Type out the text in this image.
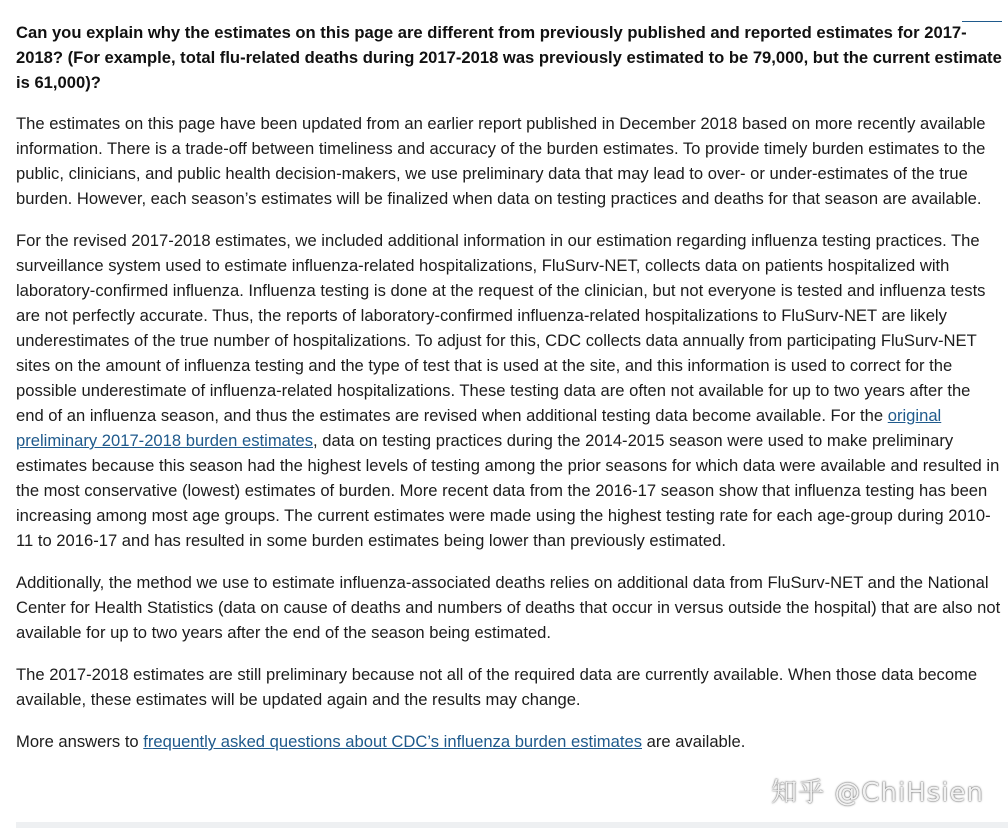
Can you explain why the estimates on this page are different from previously published and reported estimates for 2017-2018? (For example, total flu-related deaths during 2017-2018 was previously estimated to be 79,000, but the current estimate is 61,000)?

The estimates on this page have been updated from an earlier report published in December 2018 based on more recently available information. There is a trade-off between timeliness and accuracy of the burden estimates. To provide timely burden estimates to the public, clinicians, and public health decision-makers, we use preliminary data that may lead to over- or under-estimates of the true burden. However, each season’s estimates will be finalized when data on testing practices and deaths for that season are available.

For the revised 2017-2018 estimates, we included additional information in our estimation regarding influenza testing practices. The surveillance system used to estimate influenza-related hospitalizations, FluSurv-NET, collects data on patients hospitalized with laboratory-confirmed influenza. Influenza testing is done at the request of the clinician, but not everyone is tested and influenza tests are not perfectly accurate. Thus, the reports of laboratory-confirmed influenza-related hospitalizations to FluSurv-NET are likely underestimates of the true number of hospitalizations. To adjust for this, CDC collects data annually from participating FluSurv-NET sites on the amount of influenza testing and the type of test that is used at the site, and this information is used to correct for the possible underestimate of influenza-related hospitalizations. These testing data are often not available for up to two years after the end of an influenza season, and thus the estimates are revised when additional testing data become available. For the original preliminary 2017-2018 burden estimates, data on testing practices during the 2014-2015 season were used to make preliminary estimates because this season had the highest levels of testing among the prior seasons for which data were available and resulted in the most conservative (lowest) estimates of burden. More recent data from the 2016-17 season show that influenza testing has been increasing among most age groups. The current estimates were made using the highest testing rate for each age-group during 2010-11 to 2016-17 and has resulted in some burden estimates being lower than previously estimated.

Additionally, the method we use to estimate influenza-associated deaths relies on additional data from FluSurv-NET and the National Center for Health Statistics (data on cause of deaths and numbers of deaths that occur in versus outside the hospital) that are also not available for up to two years after the end of the season being estimated.

The 2017-2018 estimates are still preliminary because not all of the required data are currently available. When those data become available, these estimates will be updated again and the results may change.

More answers to frequently asked questions about CDC’s influenza burden estimates are available.

知乎 @ChiHsien
